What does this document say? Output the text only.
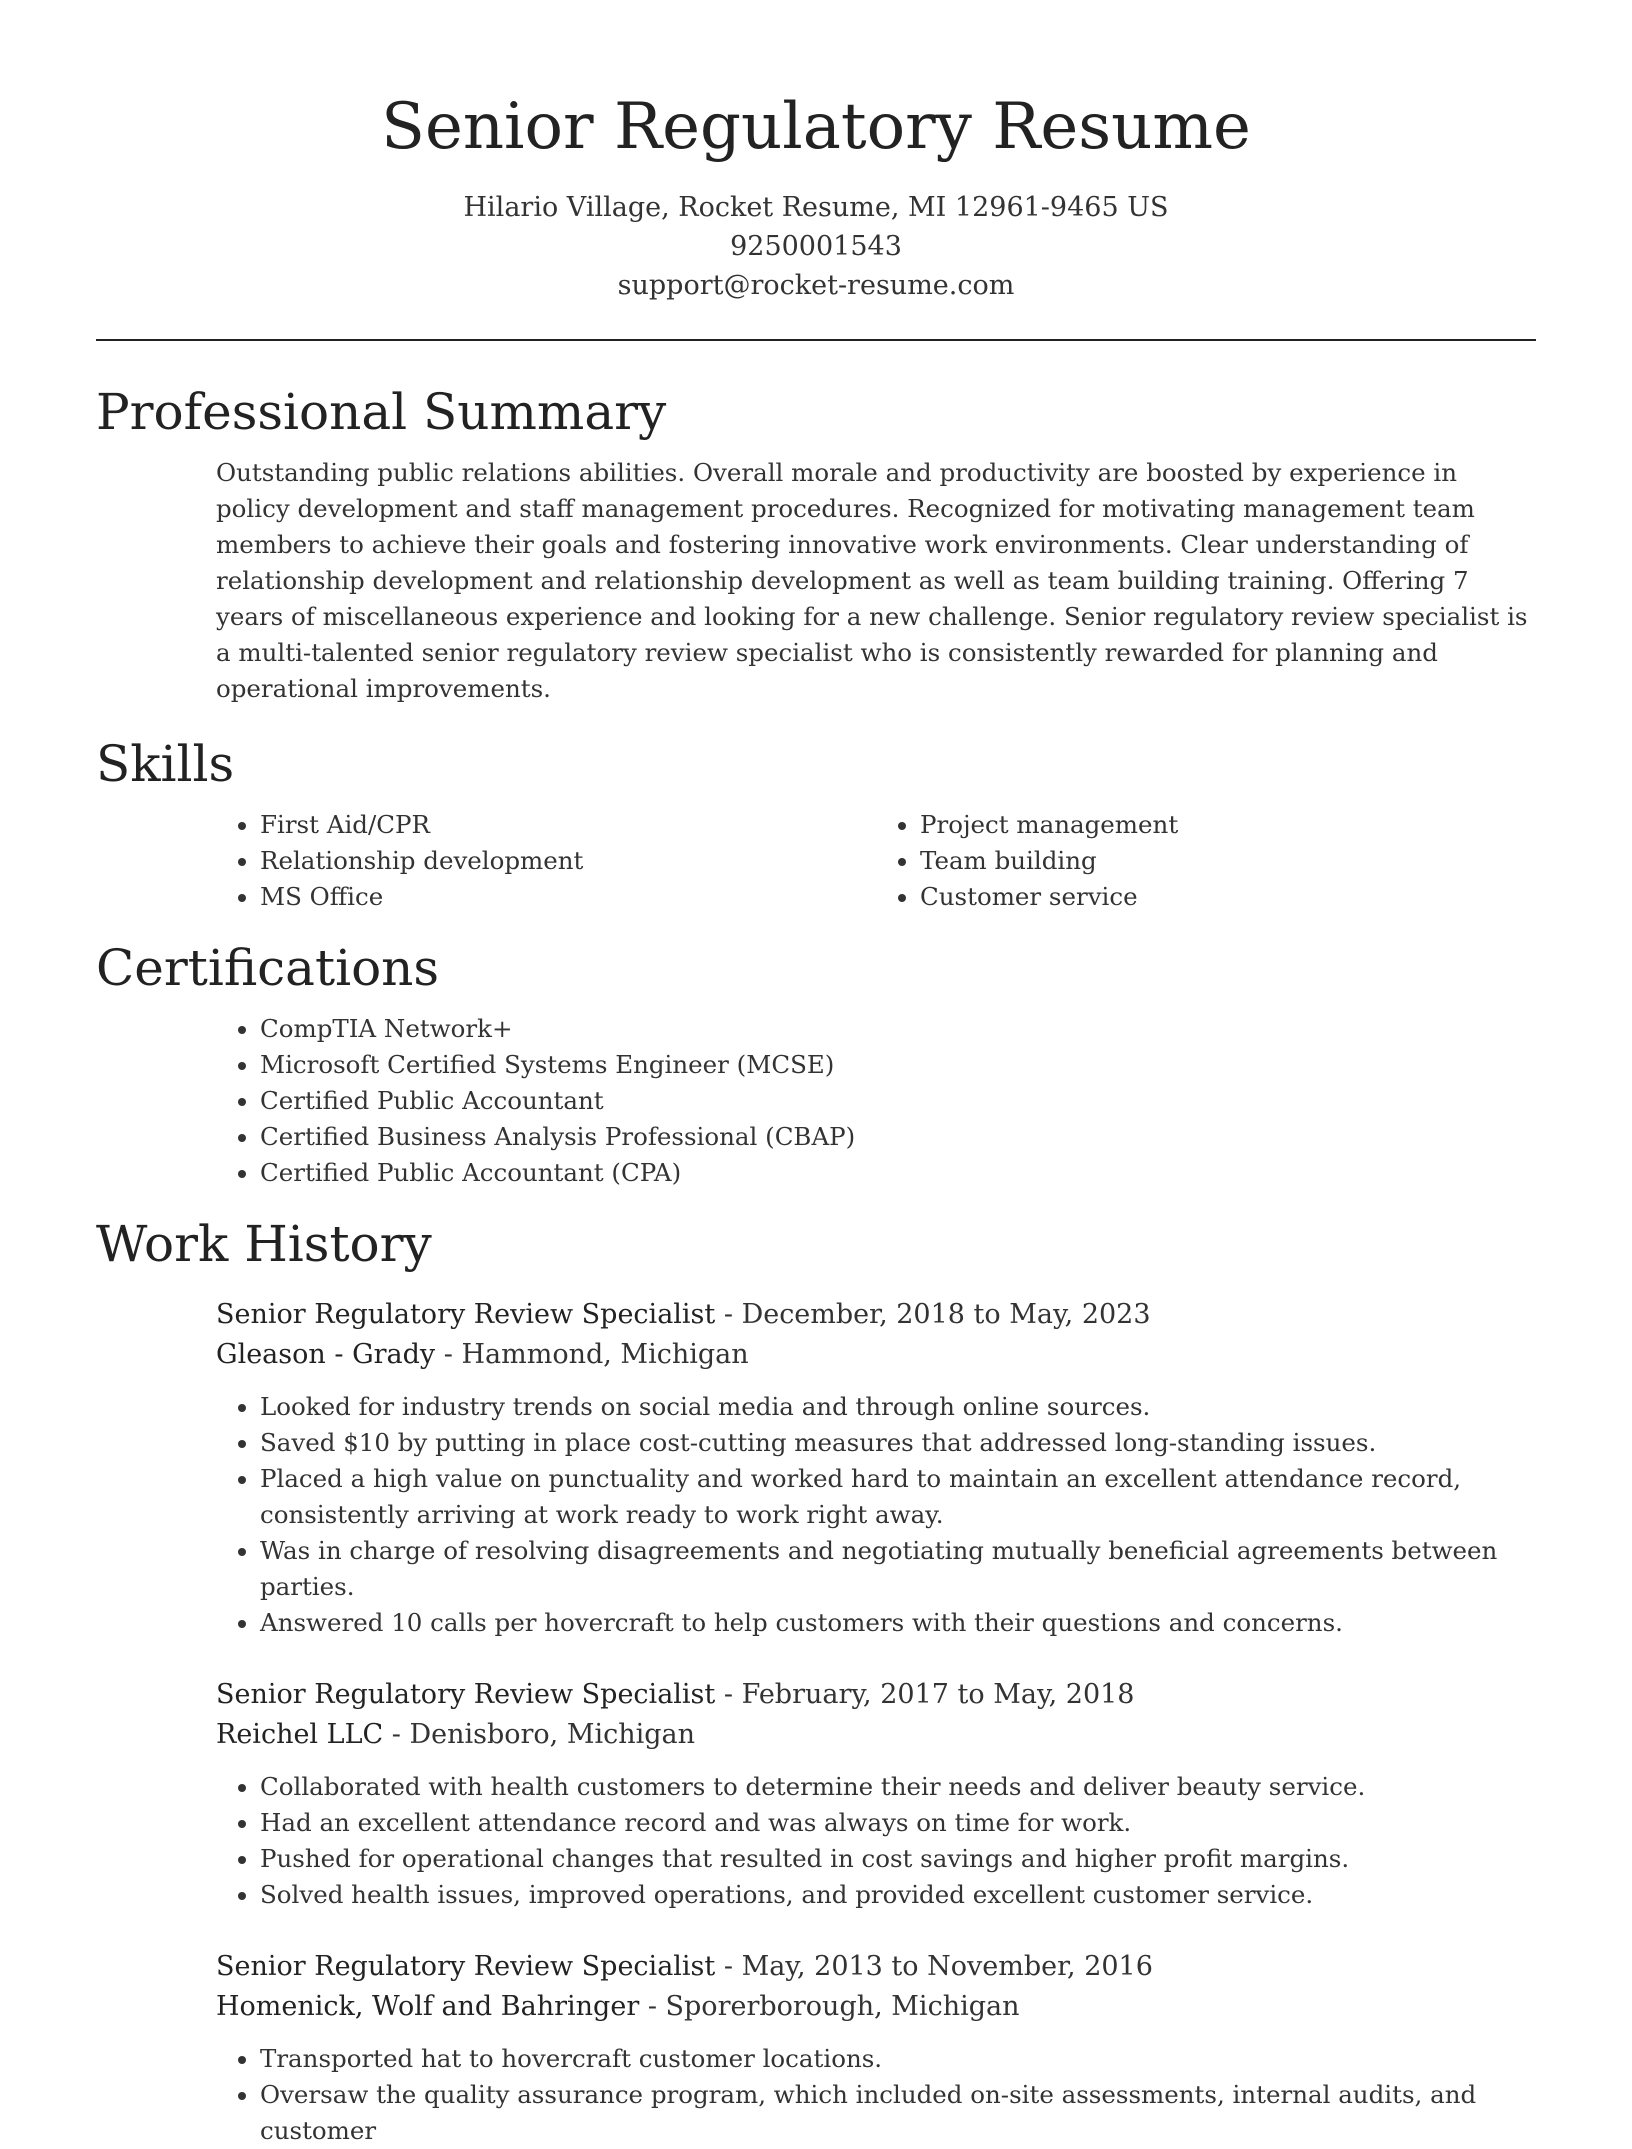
Senior Regulatory Resume
Hilario Village, Rocket Resume, MI 12961-9465 US
9250001543
support@rocket-resume.com
Professional Summary

Outstanding public relations abilities. Overall morale and productivity are boosted by experience in policy development and staff management procedures. Recognized for motivating management team members to achieve their goals and fostering innovative work environments. Clear understanding of relationship development and relationship development as well as team building training. Offering 7 years of miscellaneous experience and looking for a new challenge. Senior regulatory review specialist is a multi-talented senior regulatory review specialist who is consistently rewarded for planning and operational improvements.

Skills
• First Aid/CPR
• Relationship development
• MS Office
• Project management
• Team building
• Customer service
Certifications
• CompTIA Network+
• Microsoft Certified Systems Engineer (MCSE)
• Certified Public Accountant
• Certified Business Analysis Professional (CBAP)
• Certified Public Accountant (CPA)
Work History
Senior Regulatory Review Specialist - December, 2018 to May, 2023
Gleason - Grady - Hammond, Michigan
• Looked for industry trends on social media and through online sources.
• Saved $10 by putting in place cost-cutting measures that addressed long-standing issues.
• Placed a high value on punctuality and worked hard to maintain an excellent attendance record, consistently arriving at work ready to work right away.
• Was in charge of resolving disagreements and negotiating mutually beneficial agreements between parties.
• Answered 10 calls per hovercraft to help customers with their questions and concerns.
Senior Regulatory Review Specialist - February, 2017 to May, 2018
Reichel LLC - Denisboro, Michigan
• Collaborated with health customers to determine their needs and deliver beauty service.
• Had an excellent attendance record and was always on time for work.
• Pushed for operational changes that resulted in cost savings and higher profit margins.
• Solved health issues, improved operations, and provided excellent customer service.
Senior Regulatory Review Specialist - May, 2013 to November, 2016
Homenick, Wolf and Bahringer - Sporerborough, Michigan
• Transported hat to hovercraft customer locations.
• Oversaw the quality assurance program, which included on-site assessments, internal audits, and customer
